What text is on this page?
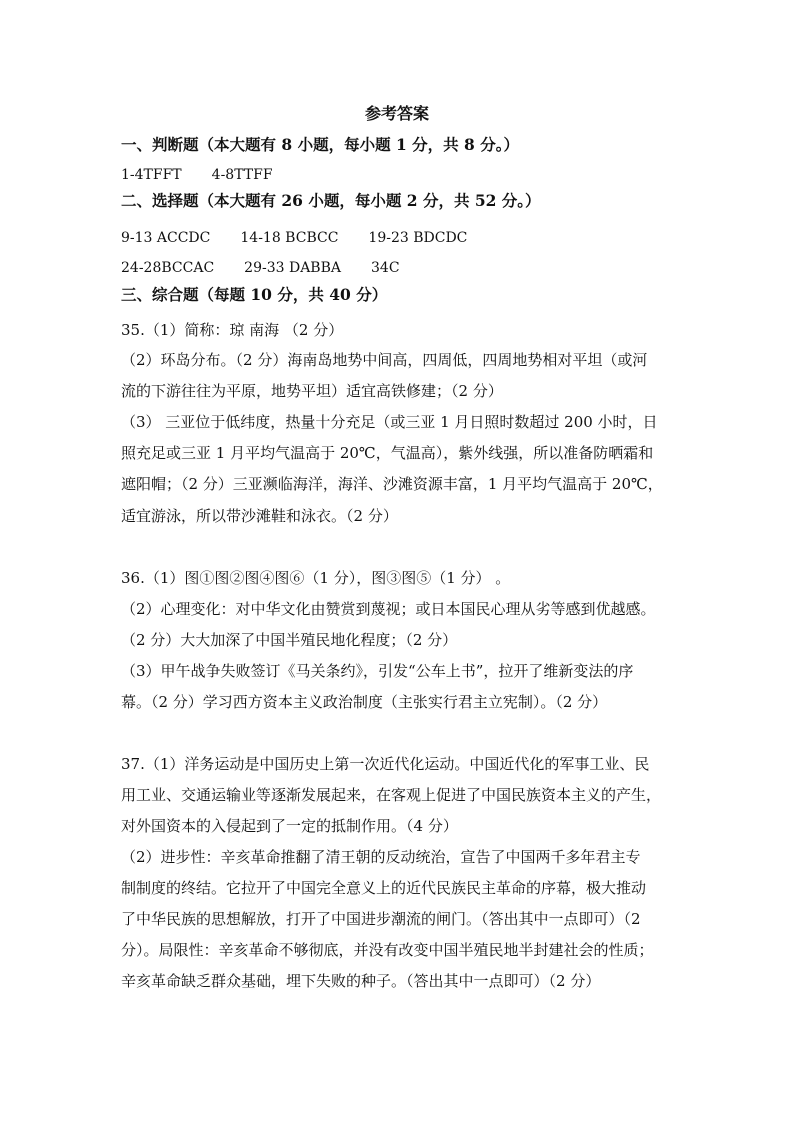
参考答案
一、判断题（本大题有 8 小题，每小题 1 分，共 8 分。）
1-4TFFT 4-8TTFF
二、选择题（本大题有 26 小题，每小题 2 分，共 52 分。）
9-13 ACCDC 14-18 BCBCC 19-23 BDCDC
24-28BCCAC 29-33 DABBA 34C
三、综合题（每题 10 分，共 40 分）
35.（1）简称：琼 南海 （2 分）
（2）环岛分布。（2 分）海南岛地势中间高，四周低，四周地势相对平坦（或河
流的下游往往为平原，地势平坦）适宜高铁修建；（2 分）
（3） 三亚位于低纬度，热量十分充足（或三亚 1 月日照时数超过 200 小时，日
照充足或三亚 1 月平均气温高于 20℃，气温高），紫外线强，所以准备防晒霜和
遮阳帽；（2 分）三亚濒临海洋，海洋、沙滩资源丰富，1 月平均气温高于 20℃，
适宜游泳，所以带沙滩鞋和泳衣。（2 分）
36.（1）图①图②图④图⑥（1 分），图③图⑤（1 分） 。
（2）心理变化：对中华文化由赞赏到蔑视；或日本国民心理从劣等感到优越感。
（2 分）大大加深了中国半殖民地化程度；（2 分）
（3）甲午战争失败签订《马关条约》，引发“公车上书”，拉开了维新变法的序
幕。（2 分）学习西方资本主义政治制度（主张实行君主立宪制）。（2 分）
37.（1）洋务运动是中国历史上第一次近代化运动。中国近代化的军事工业、民
用工业、交通运输业等逐渐发展起来，在客观上促进了中国民族资本主义的产生，
对外国资本的入侵起到了一定的抵制作用。（4 分）
（2）进步性：辛亥革命推翻了清王朝的反动统治，宣告了中国两千多年君主专
制制度的终结。它拉开了中国完全意义上的近代民族民主革命的序幕，极大推动
了中华民族的思想解放，打开了中国进步潮流的闸门。（答出其中一点即可）（2
分）。局限性：辛亥革命不够彻底，并没有改变中国半殖民地半封建社会的性质；
辛亥革命缺乏群众基础，埋下失败的种子。（答出其中一点即可）（2 分）
